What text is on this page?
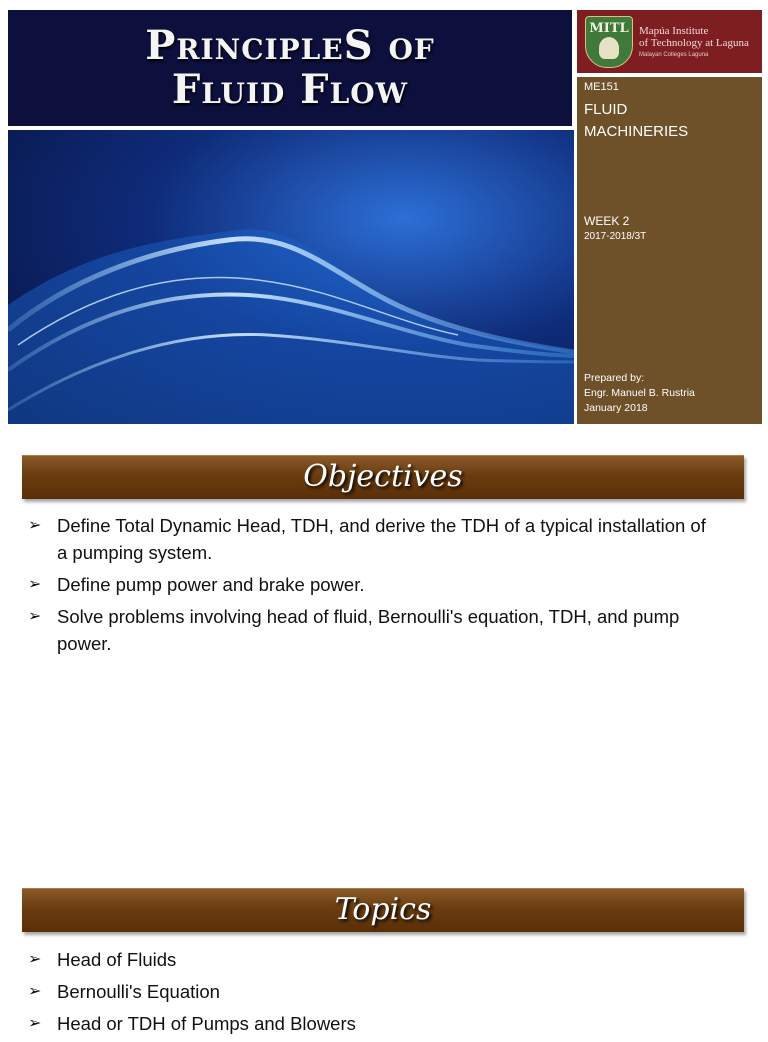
PrincipleS of
Fluid Flow
MITL Mapúa Institute
of Technology at Laguna
Malayan Colleges Laguna
ME151
FLUID
MACHINERIES
WEEK 2
2017-2018/3T
Prepared by:
Engr. Manuel B. Rustria
January 2018
Objectives
➢ Define Total Dynamic Head, TDH, and derive the TDH of a typical installation of a pumping system.
➢ Define pump power and brake power.
➢ Solve problems involving head of fluid, Bernoulli's equation, TDH, and pump power.
Topics
➢ Head of Fluids
➢ Bernoulli's Equation
➢ Head or TDH of Pumps and Blowers
